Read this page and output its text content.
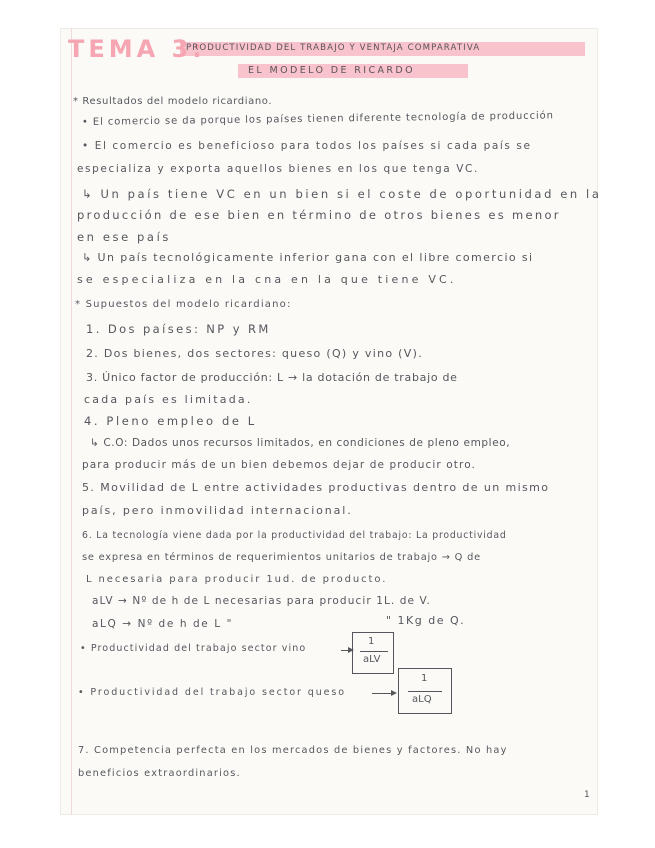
TEMA 3:
PRODUCTIVIDAD DEL TRABAJO Y VENTAJA COMPARATIVA
EL MODELO DE RICARDO
* Resultados del modelo ricardiano.
• El comercio se da porque los países tienen diferente tecnología de producción
• El comercio es beneficioso para todos los países si cada país se
especializa y exporta aquellos bienes en los que tenga VC.
↳ Un país tiene VC en un bien si el coste de oportunidad en la
producción de ese bien en término de otros bienes es menor
en ese país
↳ Un país tecnológicamente inferior gana con el libre comercio si
se especializa en la cna en la que tiene VC.
* Supuestos del modelo ricardiano:
1. Dos países: NP y RM
2. Dos bienes, dos sectores: queso (Q) y vino (V).
3. Único factor de producción: L → la dotación de trabajo de
cada país es limitada.
4. Pleno empleo de L
↳ C.O: Dados unos recursos limitados, en condiciones de pleno empleo,
para producir más de un bien debemos dejar de producir otro.
5. Movilidad de L entre actividades productivas dentro de un mismo
país, pero inmovilidad internacional.
6. La tecnología viene dada por la productividad del trabajo: La productividad
se expresa en términos de requerimientos unitarios de trabajo → Q de
L necesaria para producir 1ud. de producto.
aLV → Nº de h de L necesarias para producir 1L. de V.
aLQ → Nº de h de L "	" 1Kg de Q.
• Productividad del trabajo sector vino
1
aLV
• Productividad del trabajo sector queso
1
aLQ
7. Competencia perfecta en los mercados de bienes y factores. No hay
beneficios extraordinarios.
1
